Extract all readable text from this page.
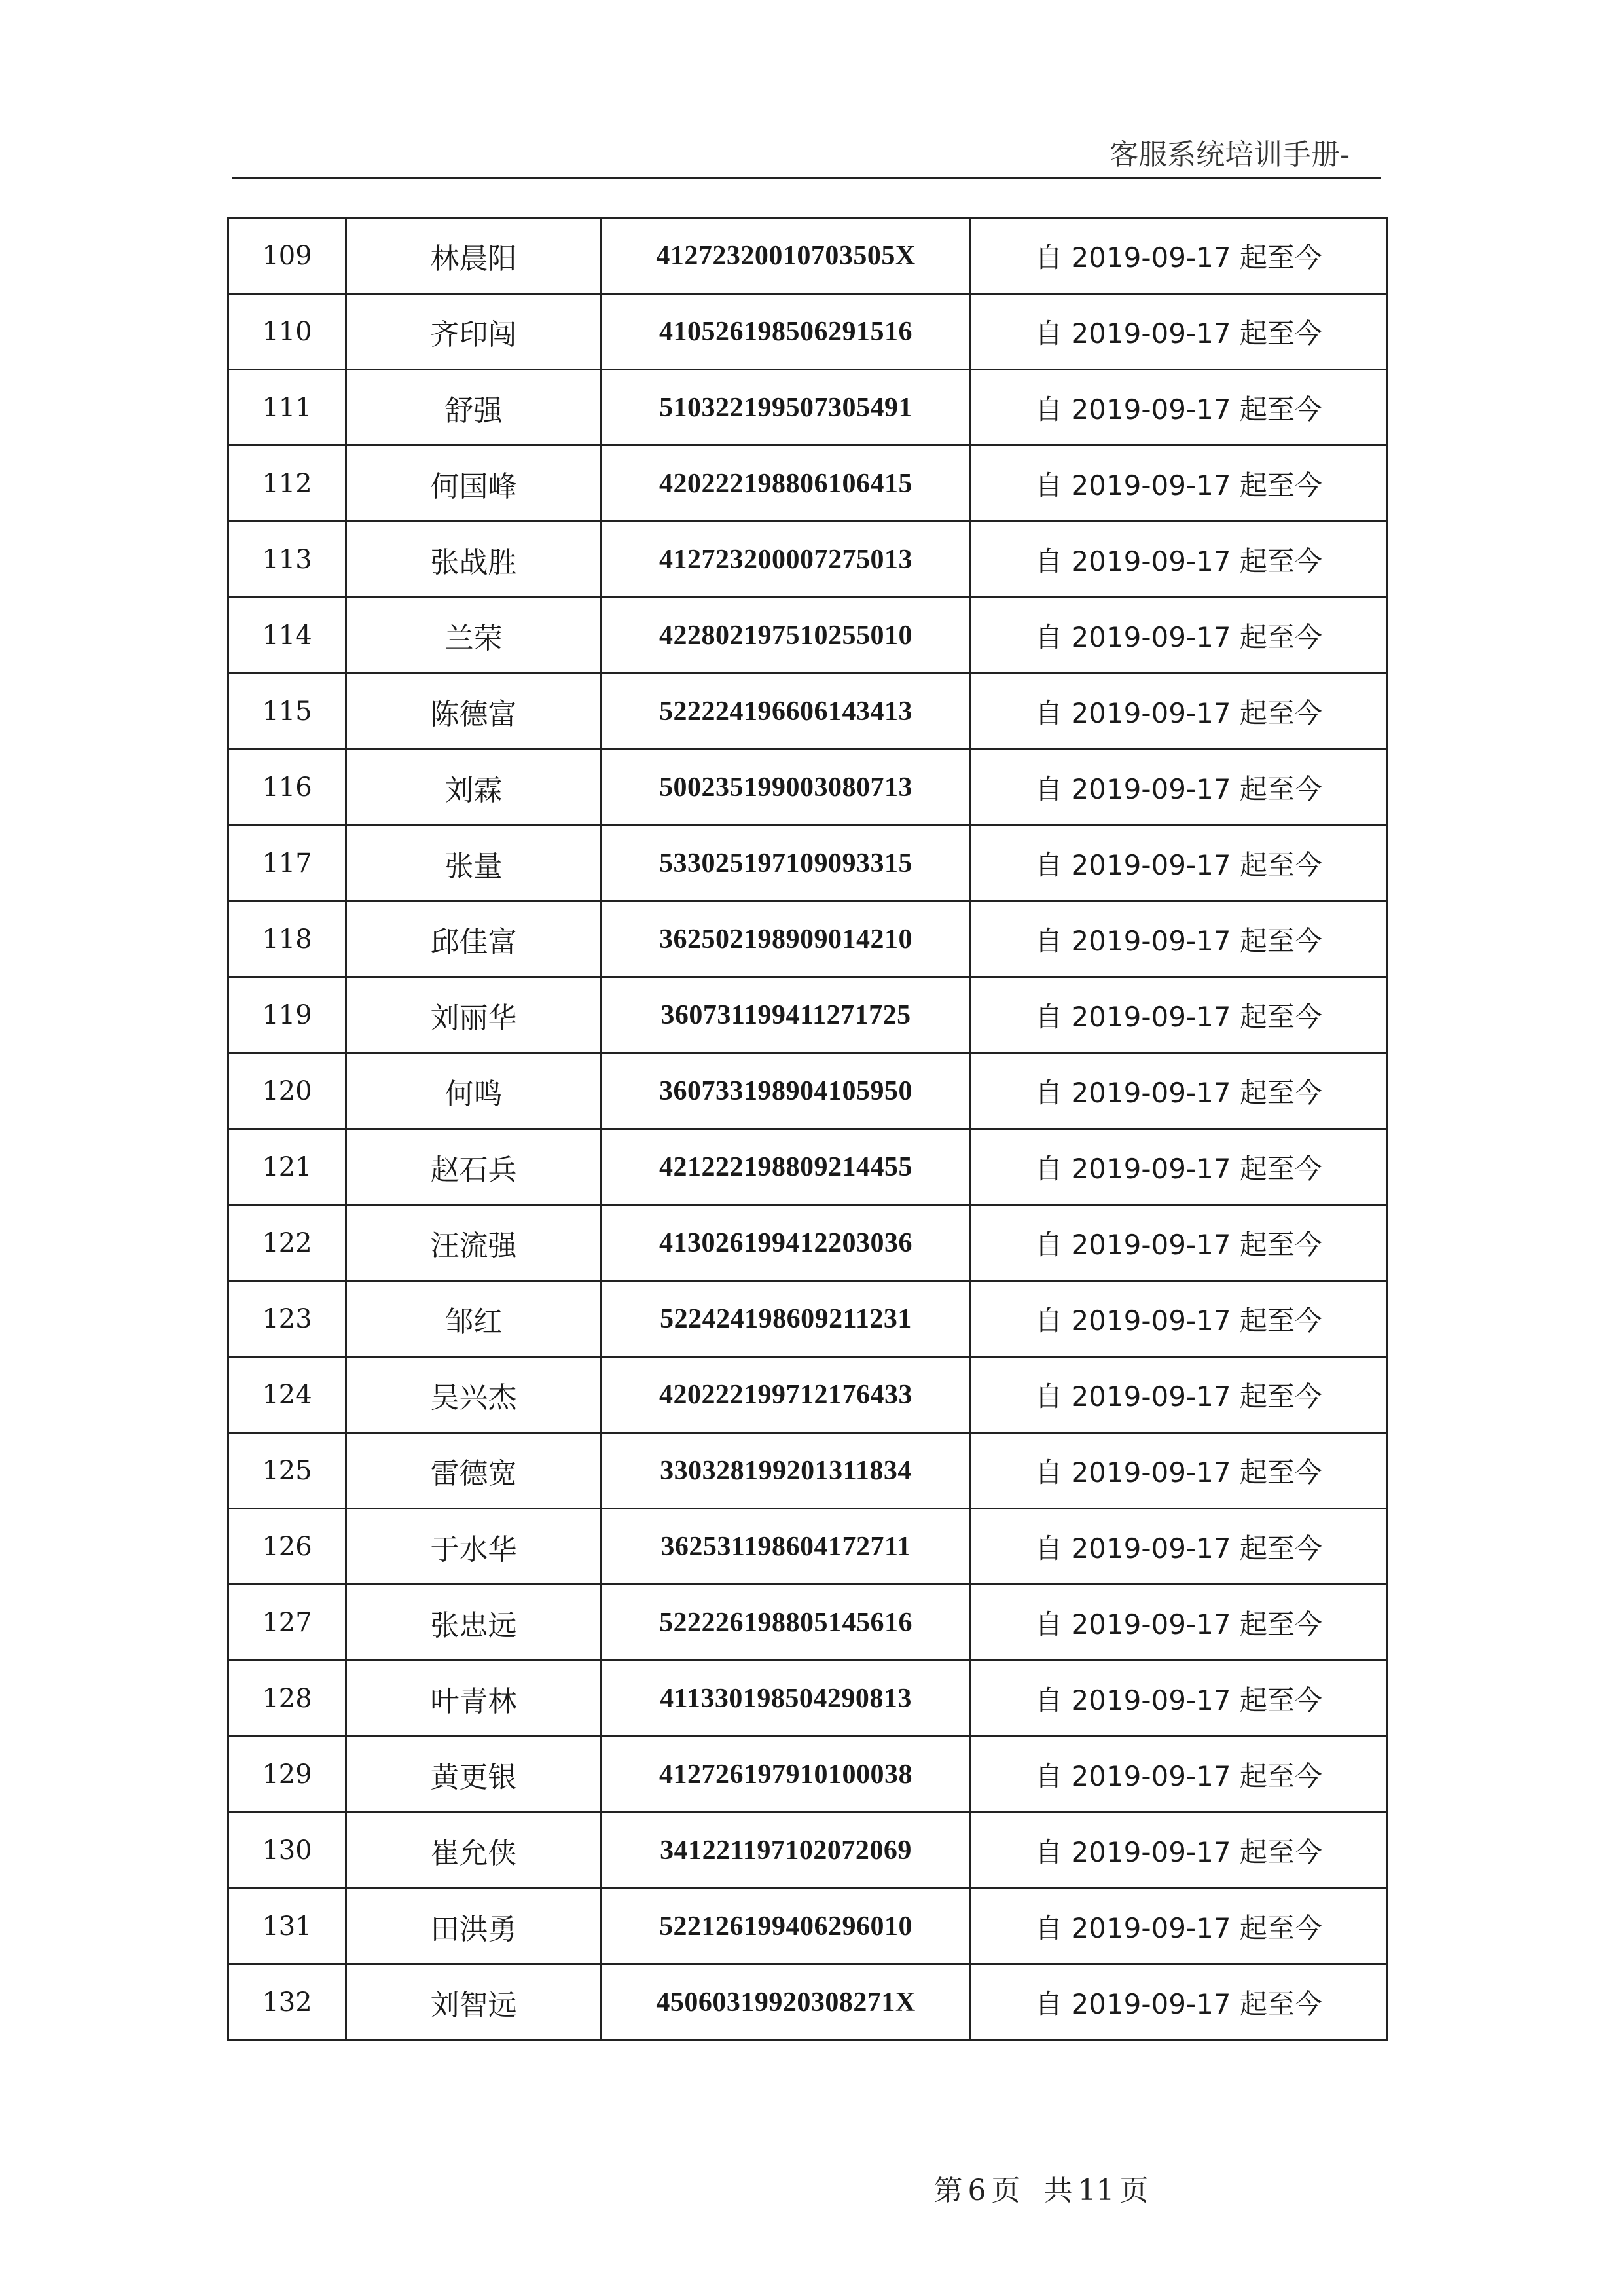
客服系统培训手册-
109	林晨阳	41272320010703505X	自 2019-09-17 起至今
110	齐印闯	410526198506291516	自 2019-09-17 起至今
111	舒强	510322199507305491	自 2019-09-17 起至今
112	何国峰	420222198806106415	自 2019-09-17 起至今
113	张战胜	412723200007275013	自 2019-09-17 起至今
114	兰荣	422802197510255010	自 2019-09-17 起至今
115	陈德富	522224196606143413	自 2019-09-17 起至今
116	刘霖	500235199003080713	自 2019-09-17 起至今
117	张量	533025197109093315	自 2019-09-17 起至今
118	邱佳富	362502198909014210	自 2019-09-17 起至今
119	刘丽华	360731199411271725	自 2019-09-17 起至今
120	何鸣	360733198904105950	自 2019-09-17 起至今
121	赵石兵	421222198809214455	自 2019-09-17 起至今
122	汪流强	413026199412203036	自 2019-09-17 起至今
123	邹红	522424198609211231	自 2019-09-17 起至今
124	吴兴杰	420222199712176433	自 2019-09-17 起至今
125	雷德宽	330328199201311834	自 2019-09-17 起至今
126	于水华	362531198604172711	自 2019-09-17 起至今
127	张忠远	522226198805145616	自 2019-09-17 起至今
128	叶青林	411330198504290813	自 2019-09-17 起至今
129	黄更银	412726197910100038	自 2019-09-17 起至今
130	崔允侠	341221197102072069	自 2019-09-17 起至今
131	田洪勇	522126199406296010	自 2019-09-17 起至今
132	刘智远	45060319920308271X	自 2019-09-17 起至今
第 6 页 共 11 页
